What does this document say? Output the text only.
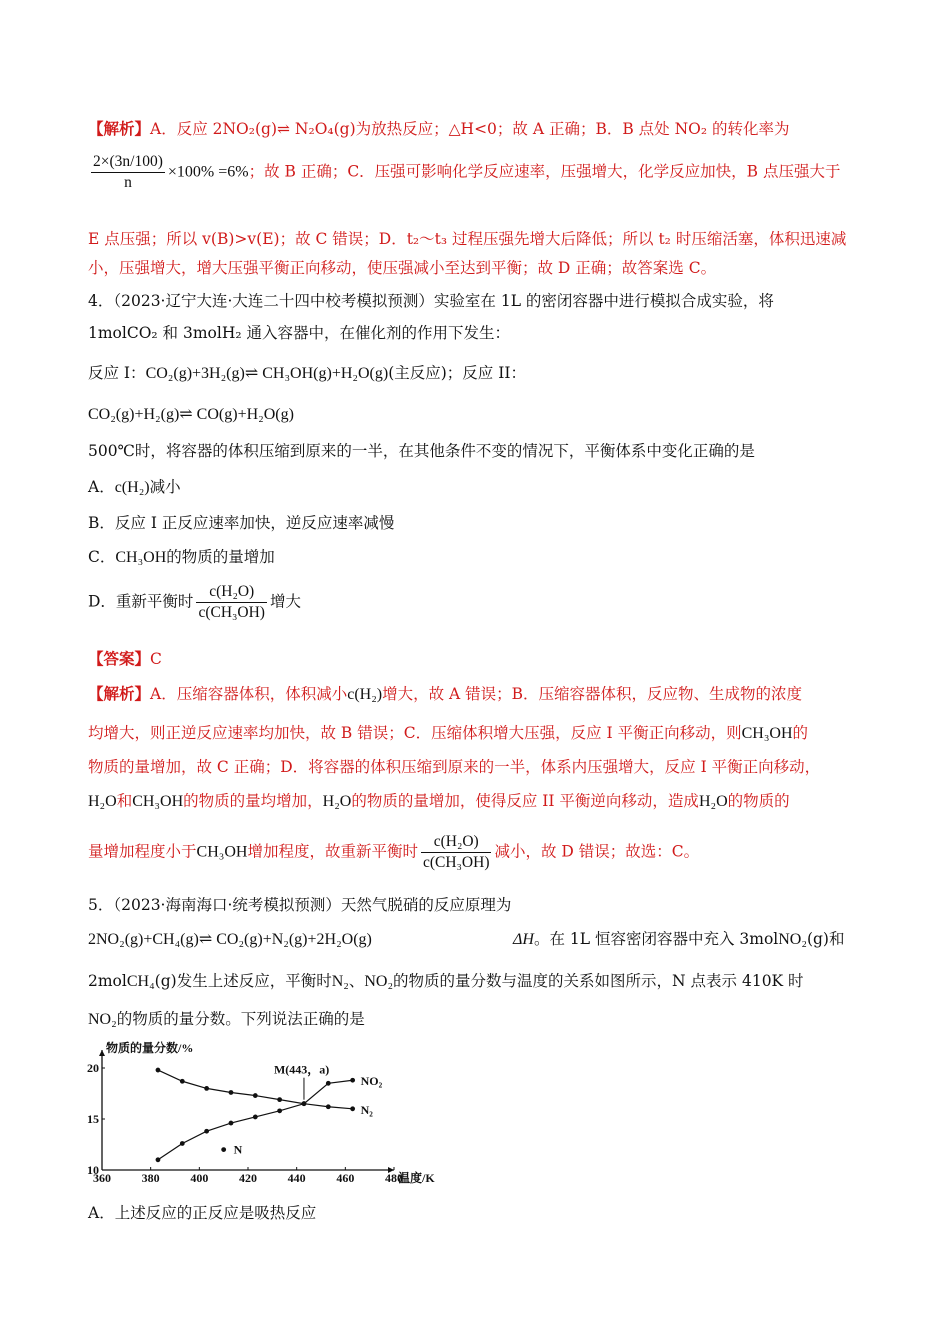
【解析】A．反应 2NO₂(g)⇌ N₂O₄(g)为放热反应；△H<0；故 A 正确；B．B 点处 NO₂ 的转化率为
$\frac{2\times(3n/100)}{n} \times 100\% =6\%$；故 B 正确；C．压强可影响化学反应速率，压强增大，化学反应加快，B 点压强大于
E 点压强；所以 v(B)>v(E)；故 C 错误；D．t₂～t₃ 过程压强先增大后降低；所以 t₂ 时压缩活塞，体积迅速减
小，压强增大，增大压强平衡正向移动，使压强减小至达到平衡；故 D 正确；故答案选 C。
4．（2023·辽宁大连·大连二十四中校考模拟预测）实验室在 1L 的密闭容器中进行模拟合成实验，将
1molCO₂ 和 3molH₂ 通入容器中，在催化剂的作用下发生：
反应 I：CO₂(g)+3H₂(g)⇌ CH₃OH(g)+H₂O(g)(主反应)；反应 II：
CO₂(g)+H₂(g)⇌ CO(g)+H₂O(g)
500℃时，将容器的体积压缩到原来的一半，在其他条件不变的情况下，平衡体系中变化正确的是
A．c(H₂)减小
B．反应 I 正反应速率加快，逆反应速率减慢
C．CH₃OH的物质的量增加
D．重新平衡时 $\frac{\text{c(H₂O)}}{\text{c(CH₃OH)}}$ 增大
【答案】C
【解析】A．压缩容器体积，体积减小c(H₂)增大，故 A 错误；B．压缩容器体积，反应物、生成物的浓度
均增大，则正逆反应速率均加快，故 B 错误；C．压缩体积增大压强，反应 I 平衡正向移动，则CH₃OH的
物质的量增加，故 C 正确；D．将容器的体积压缩到原来的一半，体系内压强增大，反应 I 平衡正向移动，
H₂O和CH₃OH的物质的量均增加，H₂O的物质的量增加，使得反应 II 平衡逆向移动，造成H₂O的物质的
量增加程度小于CH₃OH增加程度，故重新平衡时 $\frac{\text{c(H₂O)}}{\text{c(CH₃OH)}}$ 减小，故 D 错误；故选：C。
5．（2023·海南海口·统考模拟预测）天然气脱硝的反应原理为
2NO₂(g)+CH₄(g)⇌ CO₂(g)+N₂(g)+2H₂O(g)	ΔH。在 1L 恒容密闭容器中充入 3molNO₂(g)和
2molCH₄(g)发生上述反应，平衡时N₂、NO₂的物质的量分数与温度的关系如图所示，N 点表示 410K 时
NO₂的物质的量分数。下列说法正确的是
物质的量分数/%
温度/K
360	380	400	420	440	460	480
10
15
20
NO₂
N₂
N
M(443，a)
A．上述反应的正反应是吸热反应
